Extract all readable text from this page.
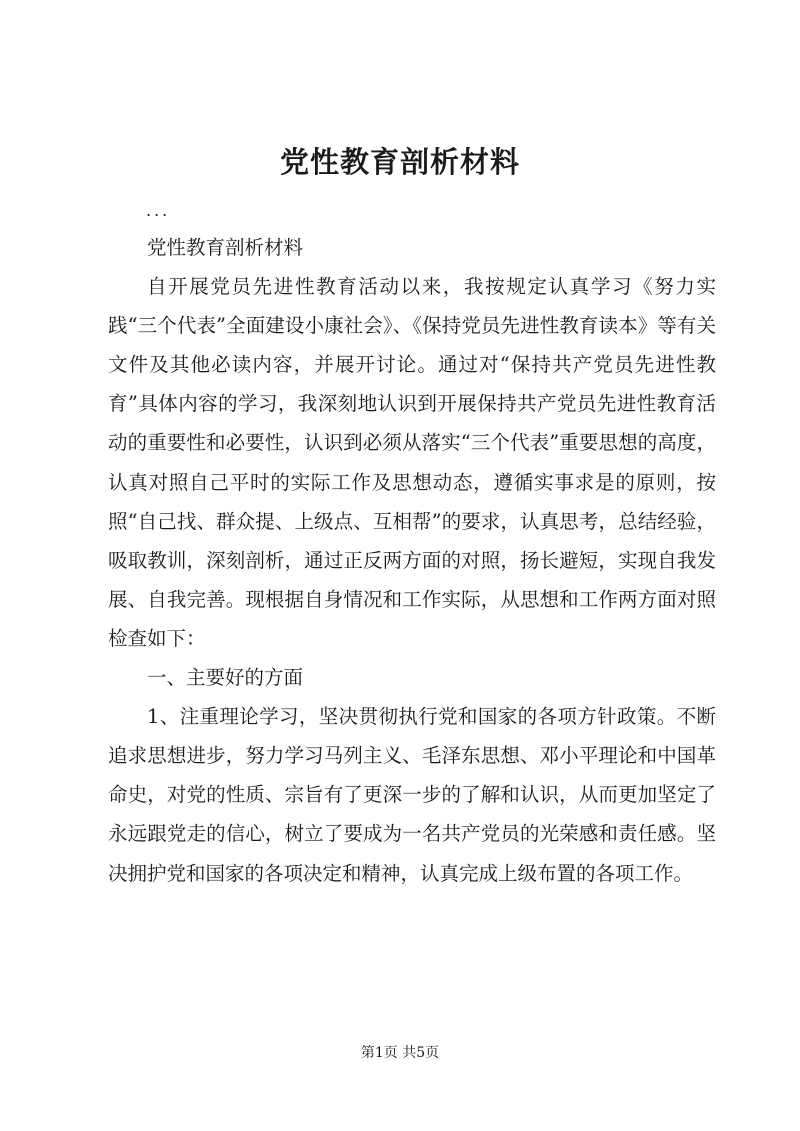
党性教育剖析材料
...

党性教育剖析材料

自开展党员先进性教育活动以来，我按规定认真学习《努力实践“三个代表”全面建设小康社会》、《保持党员先进性教育读本》等有关文件及其他必读内容，并展开讨论。通过对“保持共产党员先进性教育”具体内容的学习，我深刻地认识到开展保持共产党员先进性教育活动的重要性和必要性，认识到必须从落实“三个代表”重要思想的高度，认真对照自己平时的实际工作及思想动态，遵循实事求是的原则，按照“自己找、群众提、上级点、互相帮”的要求，认真思考，总结经验，吸取教训，深刻剖析，通过正反两方面的对照，扬长避短，实现自我发展、自我完善。现根据自身情况和工作实际，从思想和工作两方面对照检查如下：

一、主要好的方面

1、注重理论学习，坚决贯彻执行党和国家的各项方针政策。不断追求思想进步，努力学习马列主义、毛泽东思想、邓小平理论和中国革命史，对党的性质、宗旨有了更深一步的了解和认识，从而更加坚定了永远跟党走的信心，树立了要成为一名共产党员的光荣感和责任感。坚决拥护党和国家的各项决定和精神，认真完成上级布置的各项工作。

第1页 共5页
